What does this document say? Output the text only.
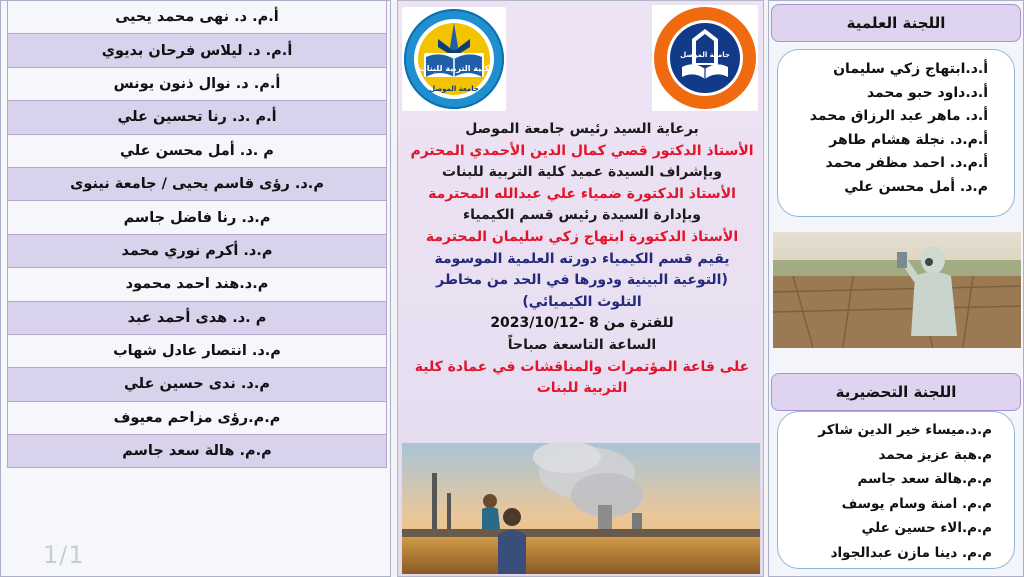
أ.م. د. نهى محمد يحيى
أ.م. د. ليلاس فرحان بديوي
أ.م. د. نوال ذنون يونس
أ.م .د. رنا تحسين علي
م .د. أمل محسن علي
م.د. رؤى قاسم يحيى / جامعة نينوى
م.د. رنا فاضل جاسم
م.د. أكرم نوري محمد
م.د.هند احمد محمود
م .د. هدى أحمد عبد
م.د. انتصار عادل شهاب
م.د. ندى حسين علي
م.م.رؤى مزاحم معيوف
م.م. هالة سعد جاسم
1/1
كلية التربية للبنات
جامعة الموصل
جامعة الموصل
برعاية السيد رئيس جامعة الموصل
الأستاذ الدكتور قصي كمال الدين الأحمدي المحترم
وبإشراف السيدة عميد كلية التربية للبنات
الأستاذ الدكتورة ضمياء علي عبدالله المحترمة
وبإدارة السيدة رئيس قسم الكيمياء
الأستاذ الدكتورة ابتهاج زكي سليمان المحترمة
يقيم قسم الكيمياء دورته العلمية الموسومة
(التوعية البينية ودورها في الحد من مخاطر
التلوث الكيميائي)
للفترة من 8 -2023/10/12
الساعة التاسعة صباحاً
على قاعة المؤتمرات والمناقشات في عمادة كلية
التربية للبنات
اللجنة العلمية
أ.د.ابتهاج زكي سليمان
أ.د.داود حبو محمد
أ.د. ماهر عبد الرزاق محمد
أ.م.د. نجلة هشام طاهر
أ.م.د. احمد مظفر محمد
م.د. أمل محسن علي
اللجنة التحضيرية
م.د.ميساء خير الدين شاكر
م.هبة عزيز محمد
م.م.هالة سعد جاسم
م.م. امنة وسام يوسف
م.م.الاء حسين علي
م.م. دينا مازن عبدالجواد
